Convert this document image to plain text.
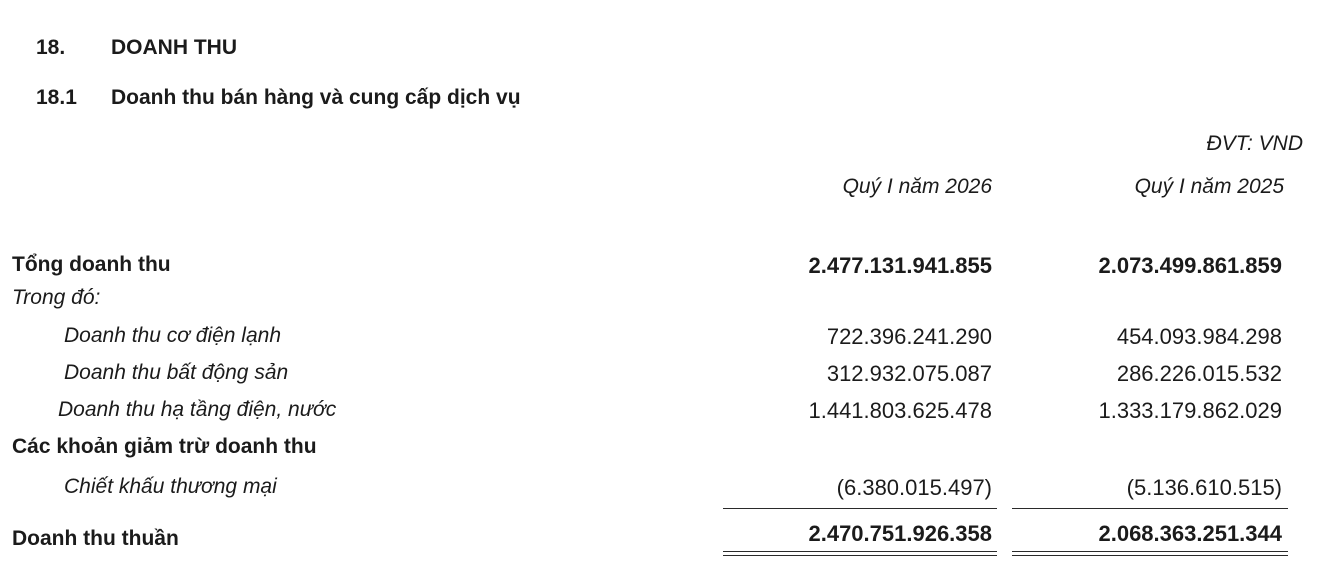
18. DOANH THU
18.1 Doanh thu bán hàng và cung cấp dịch vụ
ĐVT: VND
Quý I năm 2026	Quý I năm 2025
Tổng doanh thu	2.477.131.941.855	2.073.499.861.859
Trong đó:
Doanh thu cơ điện lạnh	722.396.241.290	454.093.984.298
Doanh thu bất động sản	312.932.075.087	286.226.015.532
Doanh thu hạ tầng điện, nước	1.441.803.625.478	1.333.179.862.029
Các khoản giảm trừ doanh thu
Chiết khấu thương mại	(6.380.015.497)	(5.136.610.515)
Doanh thu thuần	2.470.751.926.358	2.068.363.251.344
